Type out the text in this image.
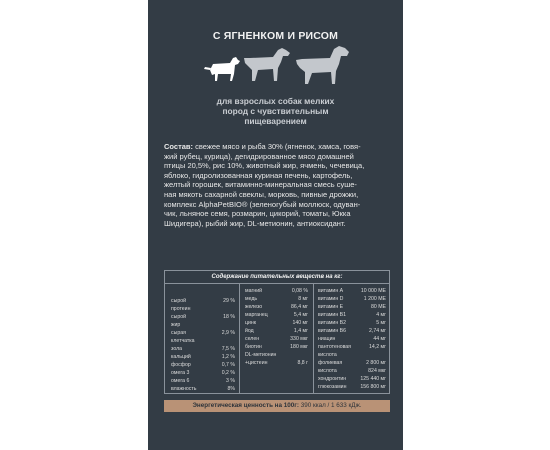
С ЯГНЕНКОМ И РИСОМ
для взрослых собак мелких
пород с чувствительным
пищеварением
Состав: свежее мясо и рыба 30% (ягненок, хамса, говя-
жий рубец, курица), дегидрированное мясо домашней
птицы 20,5%, рис 10%, животный жир, ячмень, чечевица,
яблоко, гидролизованная куриная печень, картофель,
желтый горошек, витаминно-минеральная смесь суше-
ная мякоть сахарной свеклы, морковь, пивные дрожжи,
комплекс AlphaPetBIO® (зеленогубый моллюск, одуван-
чик, льняное семя, розмарин, цикорий, томаты, Юкка
Шидигера), рыбий жир, DL-метионин, антиоксидант.
Содержание питательных веществ на кг:
сырой	29 %
протеин
сырой	18 %
жир
сырая	2,9 %
клетчатка
зола	7,5 %
кальций	1,2 %
фосфор	0,7 %
омега 3	0,2 %
омега 6	3 %
влажность	8%
магний	0,08 %
медь	8 мг
железо	86,4 мг
марганец	5,4 мг
цинк	140 мг
йод	1,4 мг
селен	330 мкг
биотин	180 мкг
DL-метионин
+цистеин	8,8 г
витамин А	10 000 МЕ
витамин D	1 200 МЕ
витамин Е	80 МЕ
витамин В1	4 мг
витамин В2	5 мг
витамин В6	2,74 мг
ниацин	44 мг
пантотеновая	14,2 мг
кислота
фолиевая	2 800 мг
кислота	824 мкг
хондроитин	125 440 мг
глюкозамин	156 800 мг
Энергетическая ценность на 100г: 390 ккал / 1 633 кДж.
